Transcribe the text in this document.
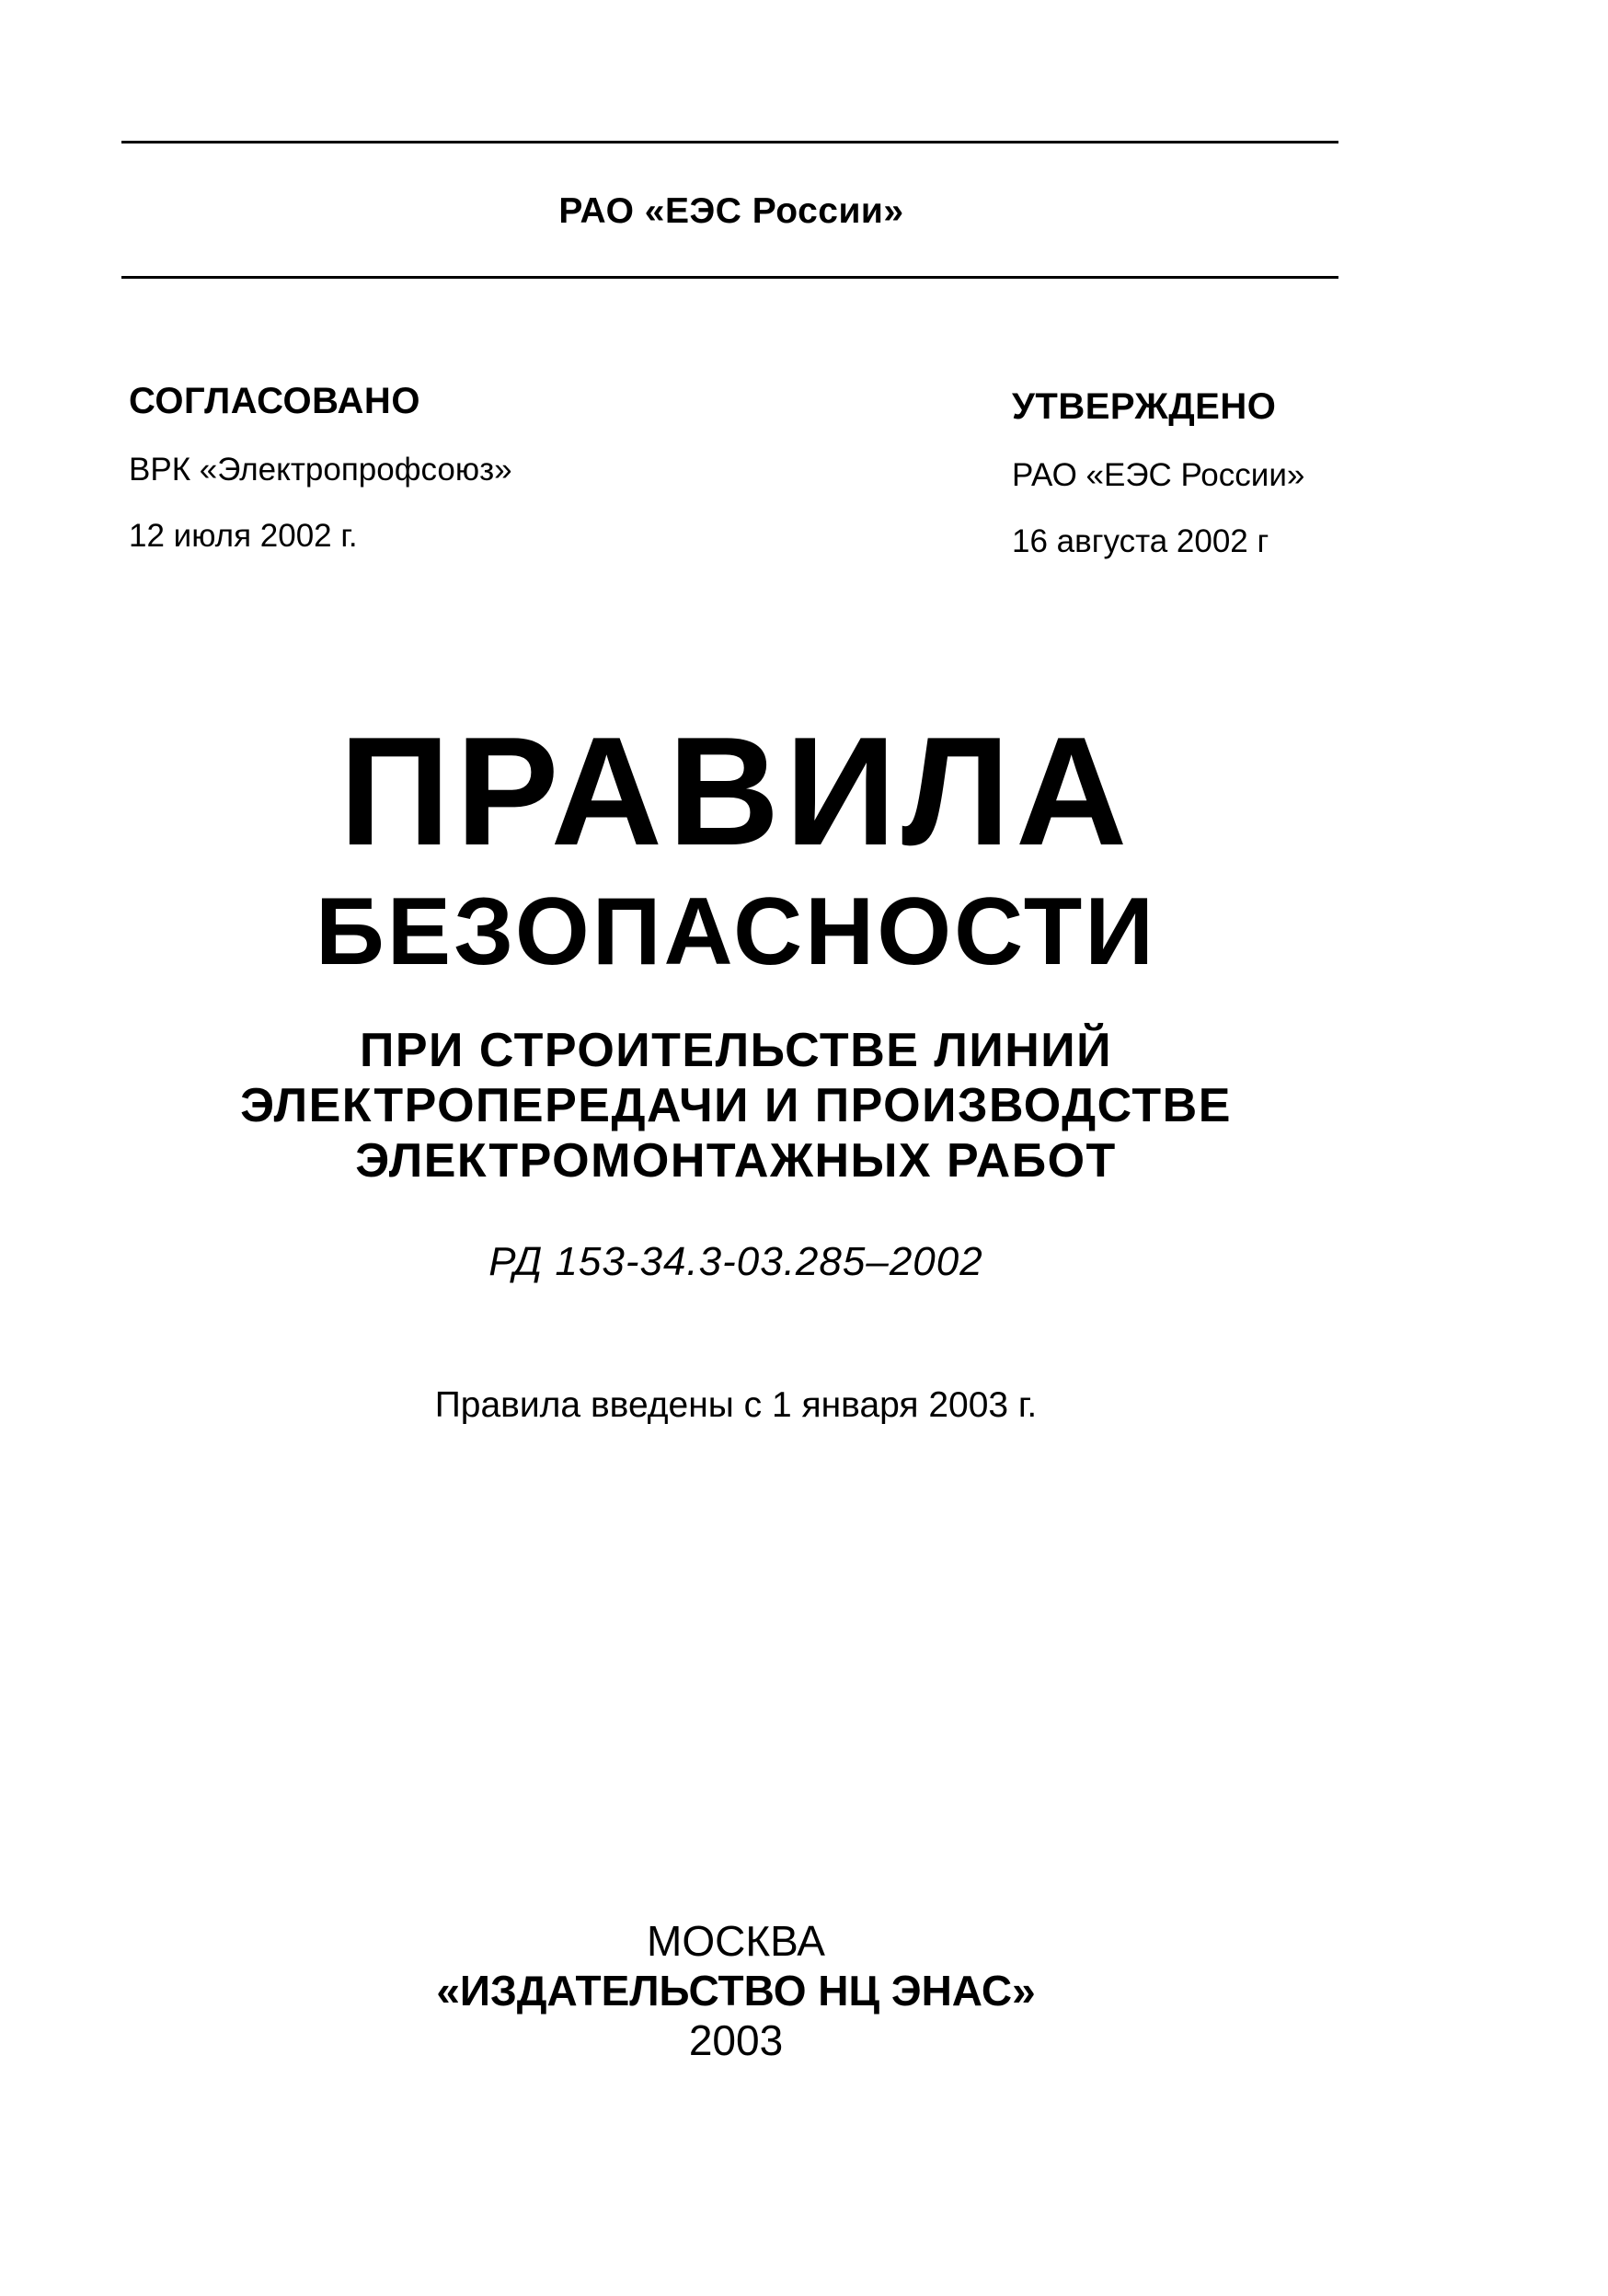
РАО «ЕЭС России»
СОГЛАСОВАНО
ВРК «Электропрофсоюз»
12 июля 2002 г.
УТВЕРЖДЕНО
РАО «ЕЭС России»
16 августа 2002 г
ПРАВИЛА
БЕЗОПАСНОСТИ
ПРИ СТРОИТЕЛЬСТВЕ ЛИНИЙ
ЭЛЕКТРОПЕРЕДАЧИ И ПРОИЗВОДСТВЕ
ЭЛЕКТРОМОНТАЖНЫХ РАБОТ
РД 153-34.3-03.285–2002
Правила введены с 1 января 2003 г.
МОСКВА
«ИЗДАТЕЛЬСТВО НЦ ЭНАС»
2003
